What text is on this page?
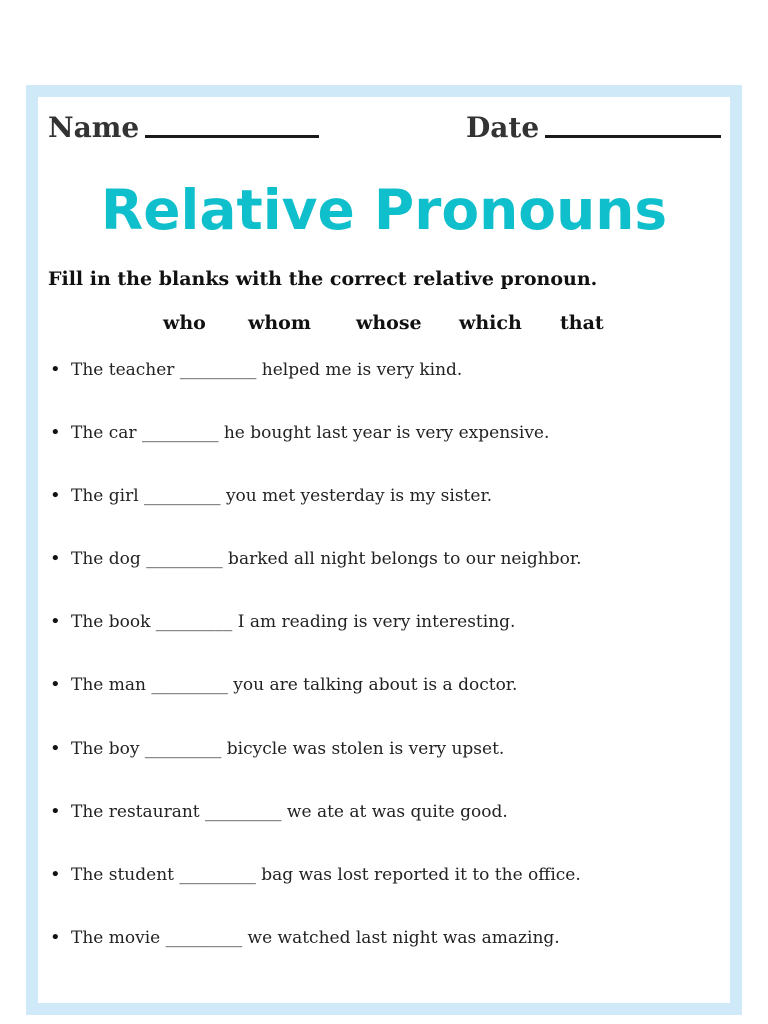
Name	Date
Relative Pronouns
Fill in the blanks with the correct relative pronoun.
who whom whose which that
• The teacher _________ helped me is very kind.
• The car _________ he bought last year is very expensive.
• The girl _________ you met yesterday is my sister.
• The dog _________ barked all night belongs to our neighbor.
• The book _________ I am reading is very interesting.
• The man _________ you are talking about is a doctor.
• The boy _________ bicycle was stolen is very upset.
• The restaurant _________ we ate at was quite good.
• The student _________ bag was lost reported it to the office.
• The movie _________ we watched last night was amazing.
